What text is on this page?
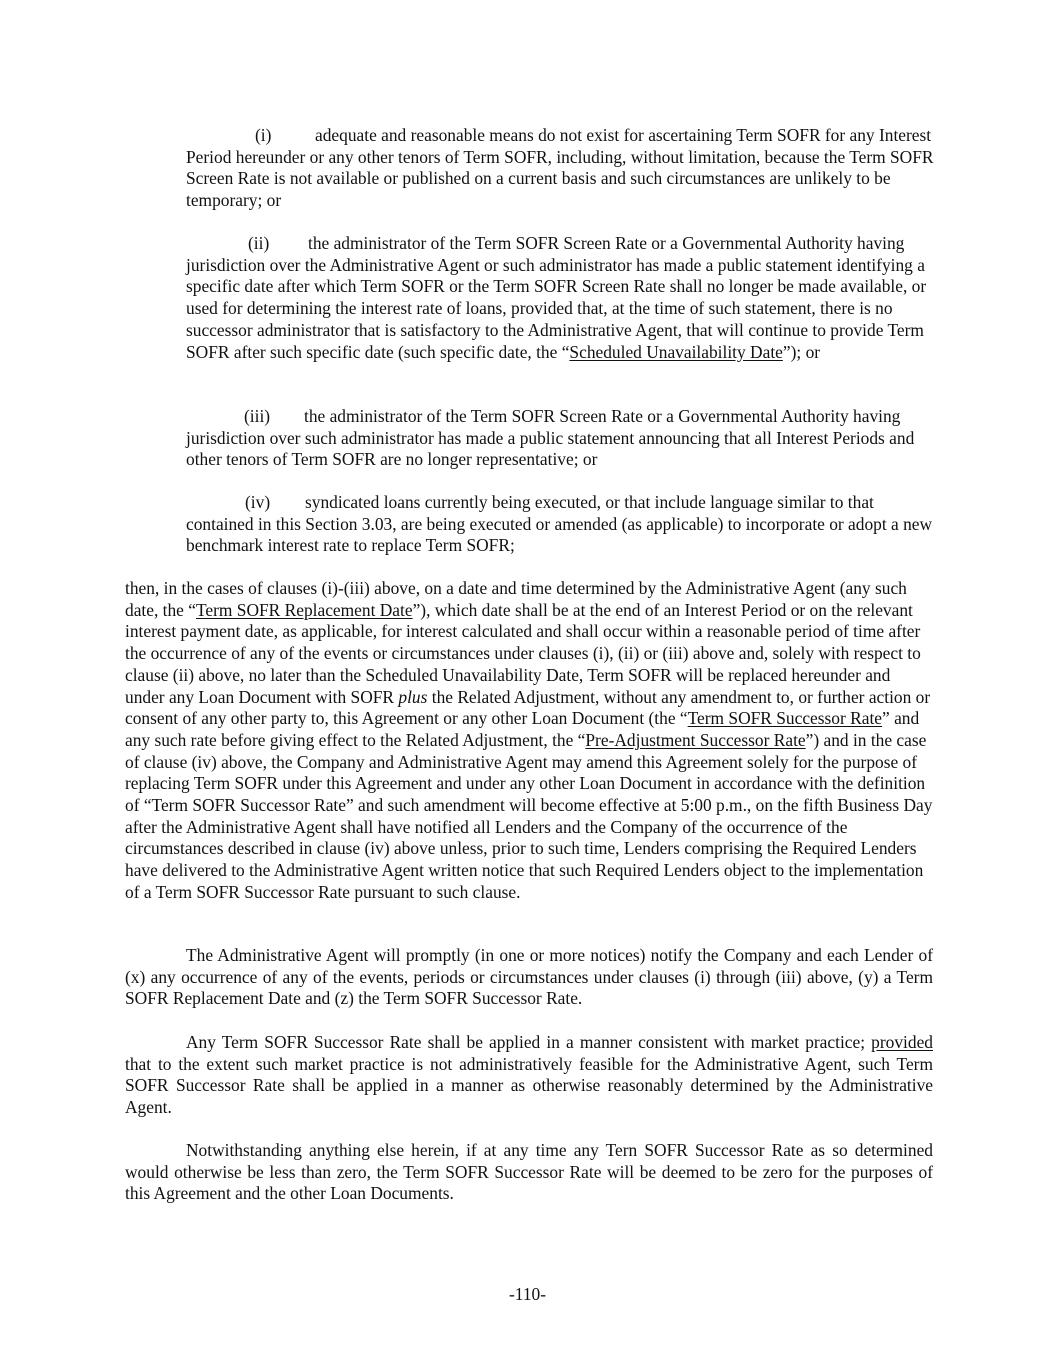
(i)	adequate and reasonable means do not exist for ascertaining Term SOFR for any Interest Period hereunder or any other tenors of Term SOFR, including, without limitation, because the Term SOFR Screen Rate is not available or published on a current basis and such circumstances are unlikely to be temporary; or

(ii) the administrator of the Term SOFR Screen Rate or a Governmental Authority having jurisdiction over the Administrative Agent or such administrator has made a public statement identifying a specific date after which Term SOFR or the Term SOFR Screen Rate shall no longer be made available, or used for determining the interest rate of loans, provided that, at the time of such statement, there is no successor administrator that is satisfactory to the Administrative Agent, that will continue to provide Term SOFR after such specific date (such specific date, the “Scheduled Unavailability Date”); or

(iii) the administrator of the Term SOFR Screen Rate or a Governmental Authority having jurisdiction over such administrator has made a public statement announcing that all Interest Periods and other tenors of Term SOFR are no longer representative; or

(iv) syndicated loans currently being executed, or that include language similar to that contained in this Section 3.03, are being executed or amended (as applicable) to incorporate or adopt a new benchmark interest rate to replace Term SOFR;

then, in the cases of clauses (i)-(iii) above, on a date and time determined by the Administrative Agent (any such date, the “Term SOFR Replacement Date”), which date shall be at the end of an Interest Period or on the relevant interest payment date, as applicable, for interest calculated and shall occur within a reasonable period of time after the occurrence of any of the events or circumstances under clauses (i), (ii) or (iii) above and, solely with respect to clause (ii) above, no later than the Scheduled Unavailability Date, Term SOFR will be replaced hereunder and under any Loan Document with SOFR plus the Related Adjustment, without any amendment to, or further action or consent of any other party to, this Agreement or any other Loan Document (the “Term SOFR Successor Rate” and any such rate before giving effect to the Related Adjustment, the “Pre-Adjustment Successor Rate”) and in the case of clause (iv) above, the Company and Administrative Agent may amend this Agreement solely for the purpose of replacing Term SOFR under this Agreement and under any other Loan Document in accordance with the definition of “Term SOFR Successor Rate” and such amendment will become effective at 5:00 p.m., on the fifth Business Day after the Administrative Agent shall have notified all Lenders and the Company of the occurrence of the circumstances described in clause (iv) above unless, prior to such time, Lenders comprising the Required Lenders have delivered to the Administrative Agent written notice that such Required Lenders object to the implementation of a Term SOFR Successor Rate pursuant to such clause.

The Administrative Agent will promptly (in one or more notices) notify the Company and each Lender of (x) any occurrence of any of the events, periods or circumstances under clauses (i) through (iii) above, (y) a Term SOFR Replacement Date and (z) the Term SOFR Successor Rate.

Any Term SOFR Successor Rate shall be applied in a manner consistent with market practice; provided that to the extent such market practice is not administratively feasible for the Administrative Agent, such Term SOFR Successor Rate shall be applied in a manner as otherwise reasonably determined by the Administrative Agent.

Notwithstanding anything else herein, if at any time any Tern SOFR Successor Rate as so determined would otherwise be less than zero, the Term SOFR Successor Rate will be deemed to be zero for the purposes of this Agreement and the other Loan Documents.

-110-
